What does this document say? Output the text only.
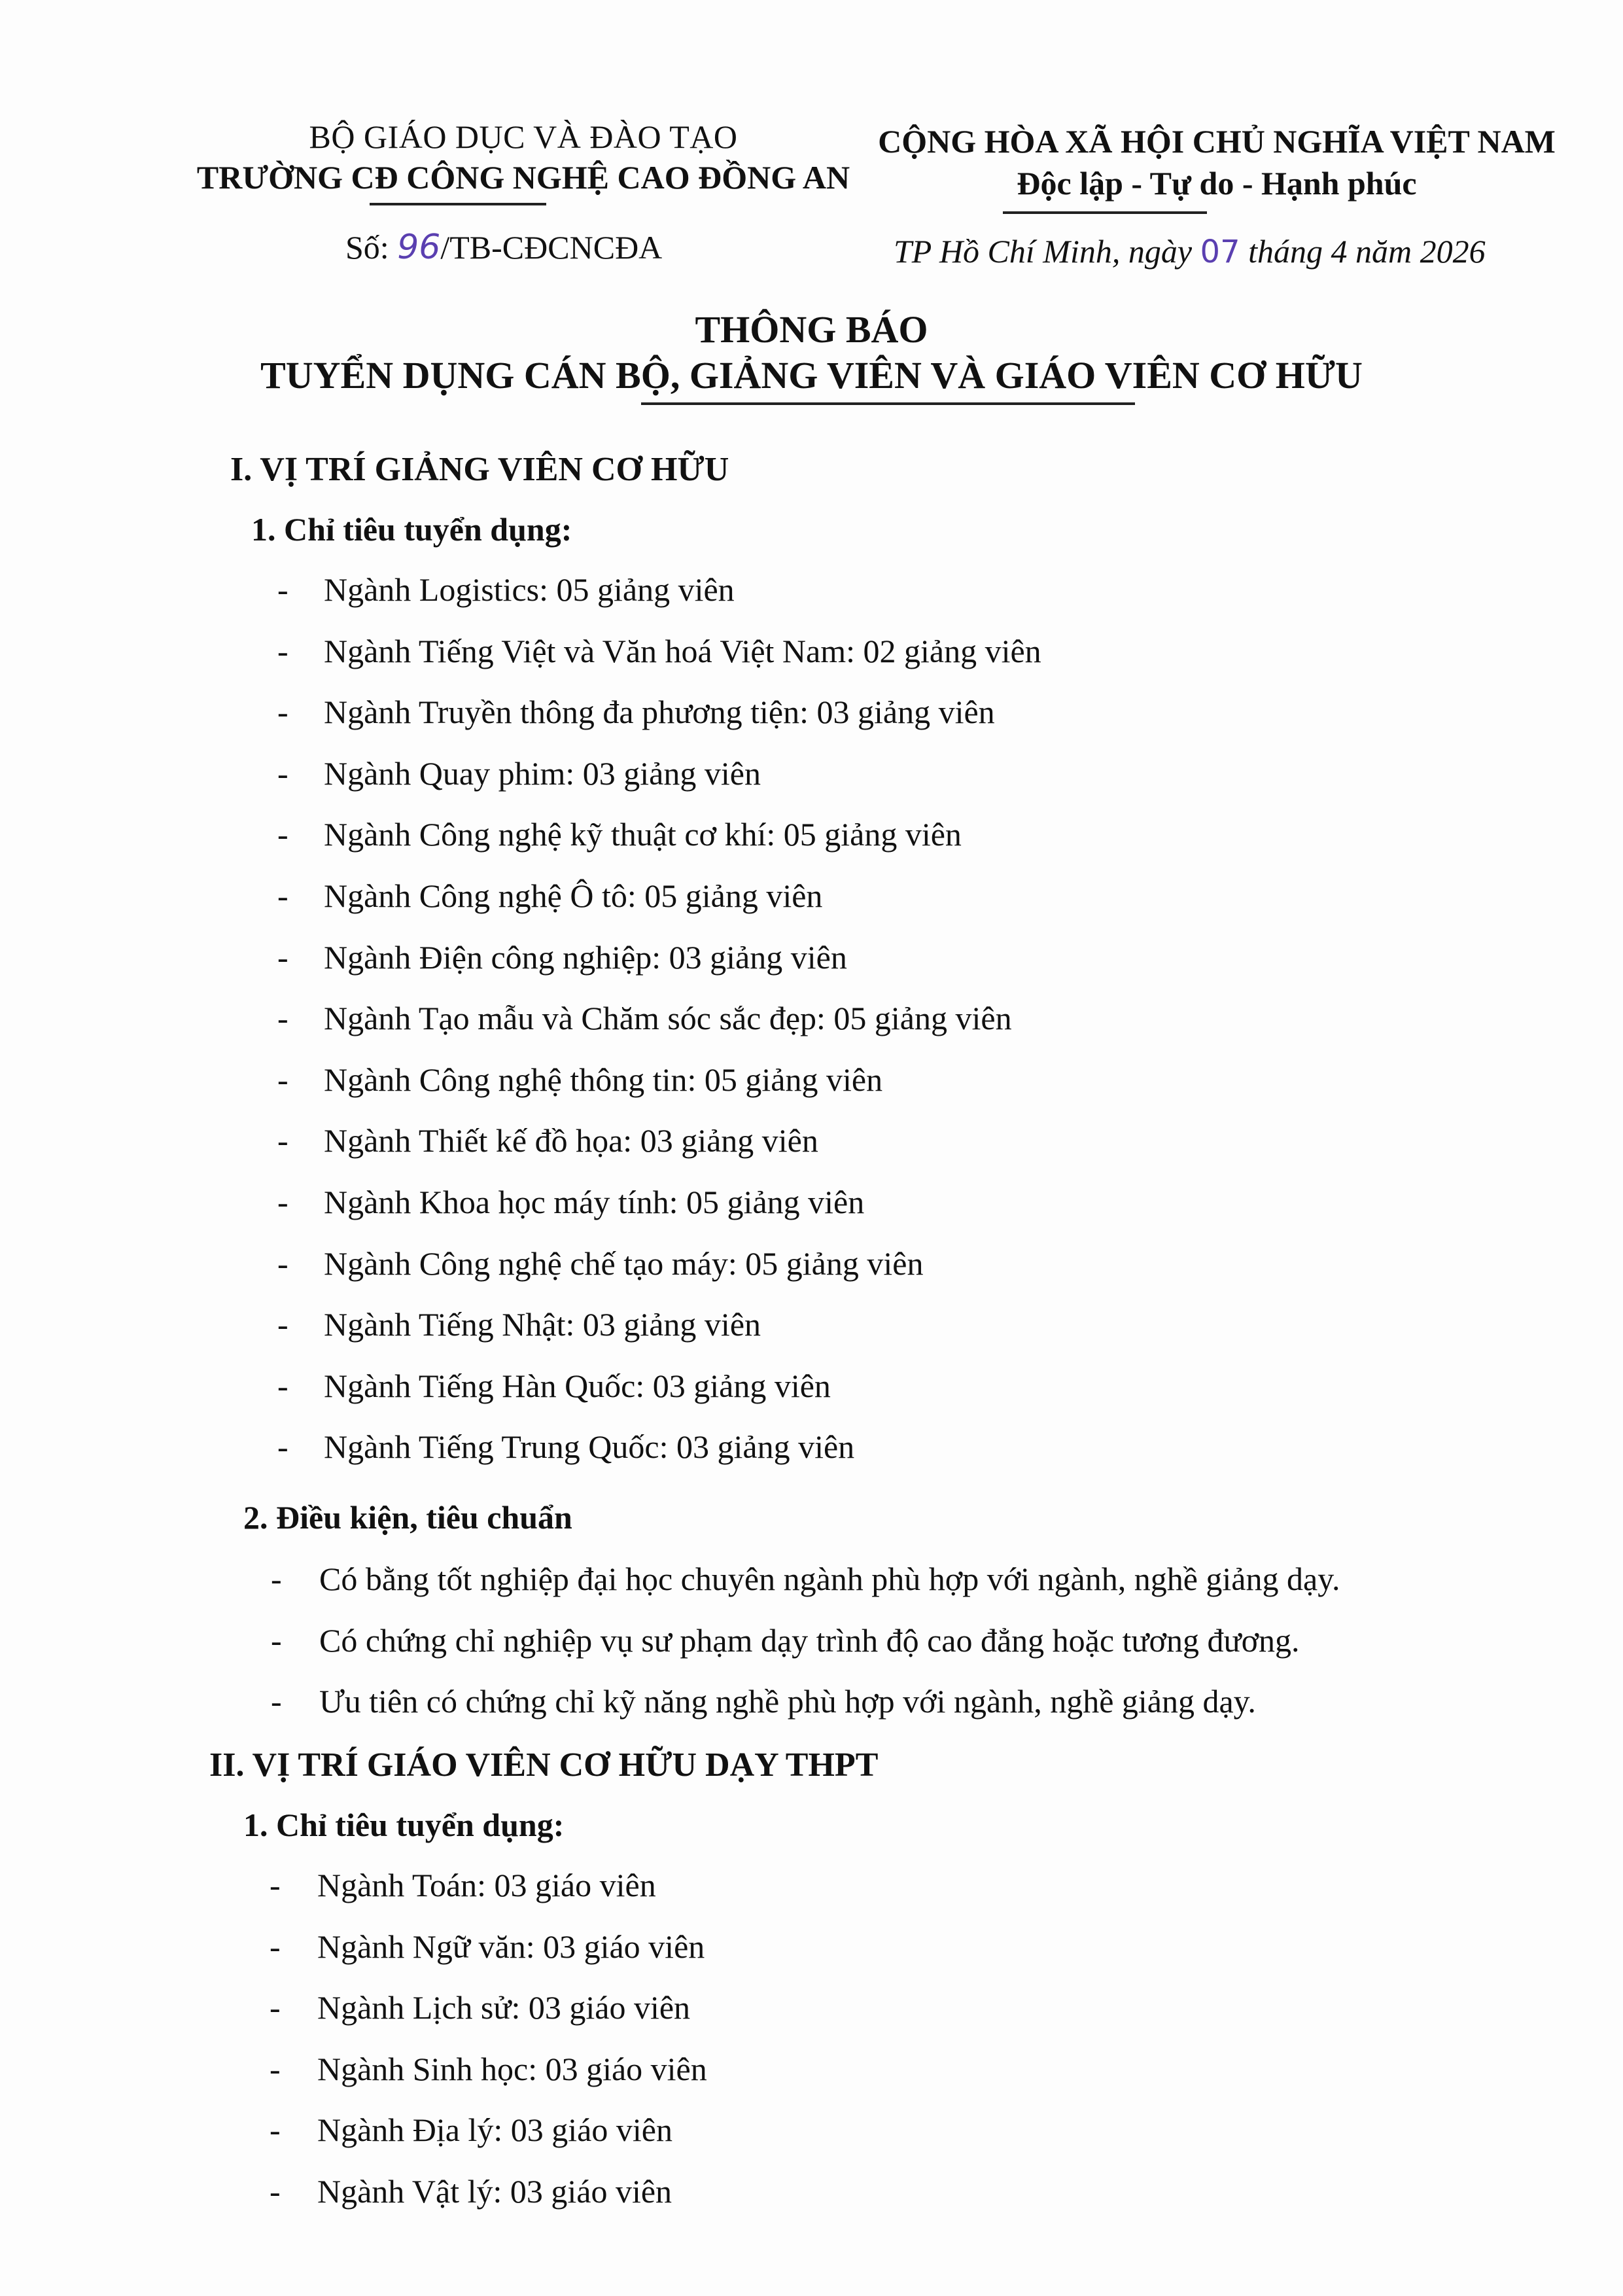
BỘ GIÁO DỤC VÀ ĐÀO TẠO
TRƯỜNG CĐ CÔNG NGHỆ CAO ĐỒNG AN
Số: 96/TB-CĐCNCĐA
CỘNG HÒA XÃ HỘI CHỦ NGHĨA VIỆT NAM
Độc lập - Tự do - Hạnh phúc
TP Hồ Chí Minh, ngày 07 tháng 4 năm 2026
THÔNG BÁO
TUYỂN DỤNG CÁN BỘ, GIẢNG VIÊN VÀ GIÁO VIÊN CƠ HỮU
I. VỊ TRÍ GIẢNG VIÊN CƠ HỮU
1. Chỉ tiêu tuyển dụng:
- Ngành Logistics: 05 giảng viên
- Ngành Tiếng Việt và Văn hoá Việt Nam: 02 giảng viên
- Ngành Truyền thông đa phương tiện: 03 giảng viên
- Ngành Quay phim: 03 giảng viên
- Ngành Công nghệ kỹ thuật cơ khí: 05 giảng viên
- Ngành Công nghệ Ô tô: 05 giảng viên
- Ngành Điện công nghiệp: 03 giảng viên
- Ngành Tạo mẫu và Chăm sóc sắc đẹp: 05 giảng viên
- Ngành Công nghệ thông tin: 05 giảng viên
- Ngành Thiết kế đồ họa: 03 giảng viên
- Ngành Khoa học máy tính: 05 giảng viên
- Ngành Công nghệ chế tạo máy: 05 giảng viên
- Ngành Tiếng Nhật: 03 giảng viên
- Ngành Tiếng Hàn Quốc: 03 giảng viên
- Ngành Tiếng Trung Quốc: 03 giảng viên
2. Điều kiện, tiêu chuẩn
- Có bằng tốt nghiệp đại học chuyên ngành phù hợp với ngành, nghề giảng dạy.
- Có chứng chỉ nghiệp vụ sư phạm dạy trình độ cao đẳng hoặc tương đương.
- Ưu tiên có chứng chỉ kỹ năng nghề phù hợp với ngành, nghề giảng dạy.
II. VỊ TRÍ GIÁO VIÊN CƠ HỮU DẠY THPT
1. Chỉ tiêu tuyển dụng:
- Ngành Toán: 03 giáo viên
- Ngành Ngữ văn: 03 giáo viên
- Ngành Lịch sử: 03 giáo viên
- Ngành Sinh học: 03 giáo viên
- Ngành Địa lý: 03 giáo viên
- Ngành Vật lý: 03 giáo viên
